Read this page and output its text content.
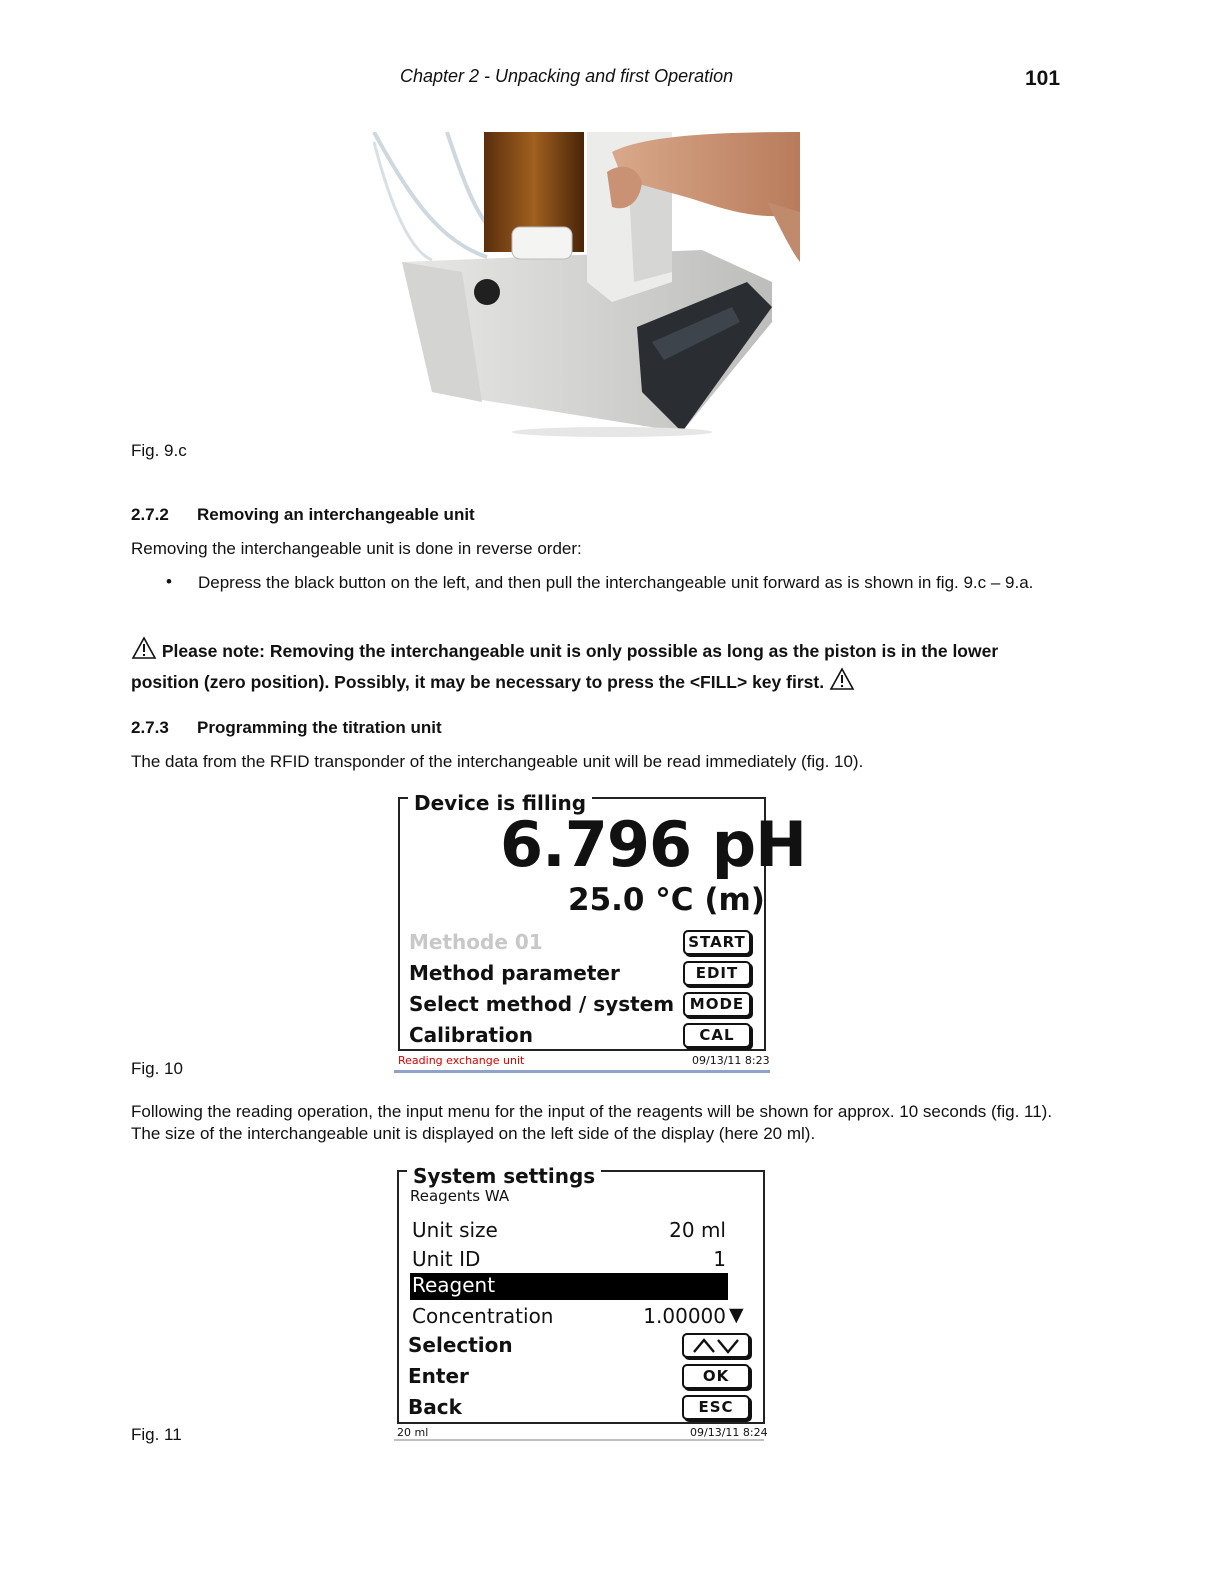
Chapter 2 - Unpacking and first Operation	101
Fig. 9.c
2.7.2 Removing an interchangeable unit
Removing the interchangeable unit is done in reverse order:
• Depress the black button on the left, and then pull the interchangeable unit forward as is shown in fig. 9.c – 9.a.
Please note: Removing the interchangeable unit is only possible as long as the piston is in the lower position (zero position). Possibly, it may be necessary to press the <FILL> key first.
2.7.3 Programming the titration unit
The data from the RFID transponder of the interchangeable unit will be read immediately (fig. 10).
Device is filling
6.796 pH
25.0 °C (m)
Methode 01	START
Method parameter	EDIT
Select method / system	MODE
Calibration	CAL
Reading exchange unit	09/13/11 8:23
Fig. 10
Following the reading operation, the input menu for the input of the reagents will be shown for approx. 10 seconds (fig. 11). The size of the interchangeable unit is displayed on the left side of the display (here 20 ml).
System settings
Reagents WA
Unit size	20 ml
Unit ID	1
Reagent
Concentration	1.00000 ▼
Selection
Enter	OK
Back	ESC
20 ml	09/13/11 8:24
Fig. 11
